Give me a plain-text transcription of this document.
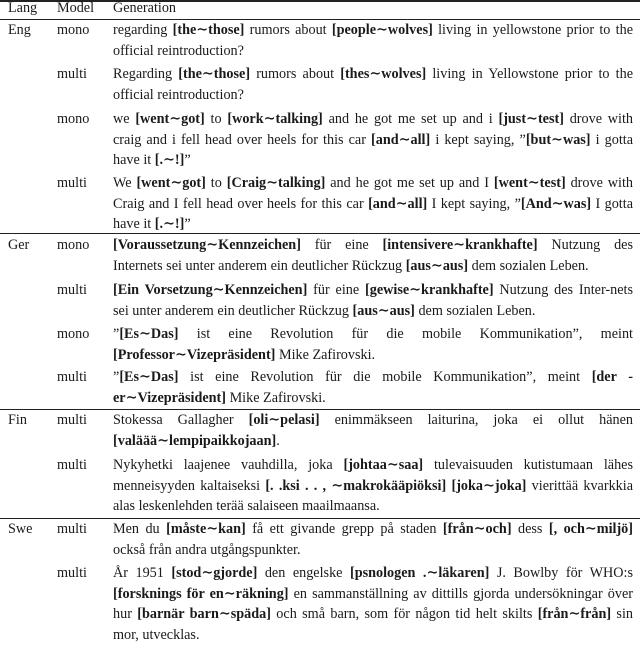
Lang Model Generation
Eng mono regarding [the∼those] rumors about [people∼wolves] living in yellowstone prior to the official reintroduction?
multi Regarding [the∼those] rumors about [thes∼wolves] living in Yellowstone prior to the official reintroduction?
mono we [went∼got] to [work∼talking] and he got me set up and i [just∼test] drove with craig and i fell head over heels for this car [and∼all] i kept saying, ”[but∼was] i gotta have it [.∼!]”
multi We [went∼got] to [Craig∼talking] and he got me set up and I [went∼test] drove with Craig and I fell head over heels for this car [and∼all] I kept saying, ”[And∼was] I gotta have it [.∼!]”
Ger mono [Voraussetzung∼Kennzeichen] für eine [intensivere∼krankhafte] Nutzung des Internets sei unter anderem ein deutlicher Rückzug [aus∼aus] dem sozialen Leben.
multi [Ein Vorsetzung∼Kennzeichen] für eine [gewise∼krankhafte] Nutzung des Inter-nets sei unter anderem ein deutlicher Rückzug [aus∼aus] dem sozialen Leben.
mono ”[Es∼Das] ist eine Revolution für die mobile Kommunikation”, meint [Professor∼Vizepräsident] Mike Zafirovski.
multi ”[Es∼Das] ist eine Revolution für die mobile Kommunikation”, meint [der -er∼Vizepräsident] Mike Zafirovski.
Fin multi Stokessa Gallagher [oli∼pelasi] enimmäkseen laiturina, joka ei ollut hänen [valäää∼lempipaikkojaan].
multi Nykyhetki laajenee vauhdilla, joka [johtaa∼saa] tulevaisuuden kutistumaan lähes menneisyyden kaltaiseksi [. .ksi . . , ∼makrokääpiöksi] [joka∼joka] vierittää kvarkkia alas leskenlehden terää salaiseen maailmaansa.
Swe multi Men du [måste∼kan] få ett givande grepp på staden [från∼och] dess [, och∼miljö] också från andra utgångspunkter.
multi År 1951 [stod∼gjorde] den engelske [psnologen .∼läkaren] J. Bowlby för WHO:s [forsknings för en∼räkning] en sammanställning av dittills gjorda undersökningar över hur [barnär barn∼späda] och små barn, som för någon tid helt skilts [från∼från] sin mor, utvecklas.
